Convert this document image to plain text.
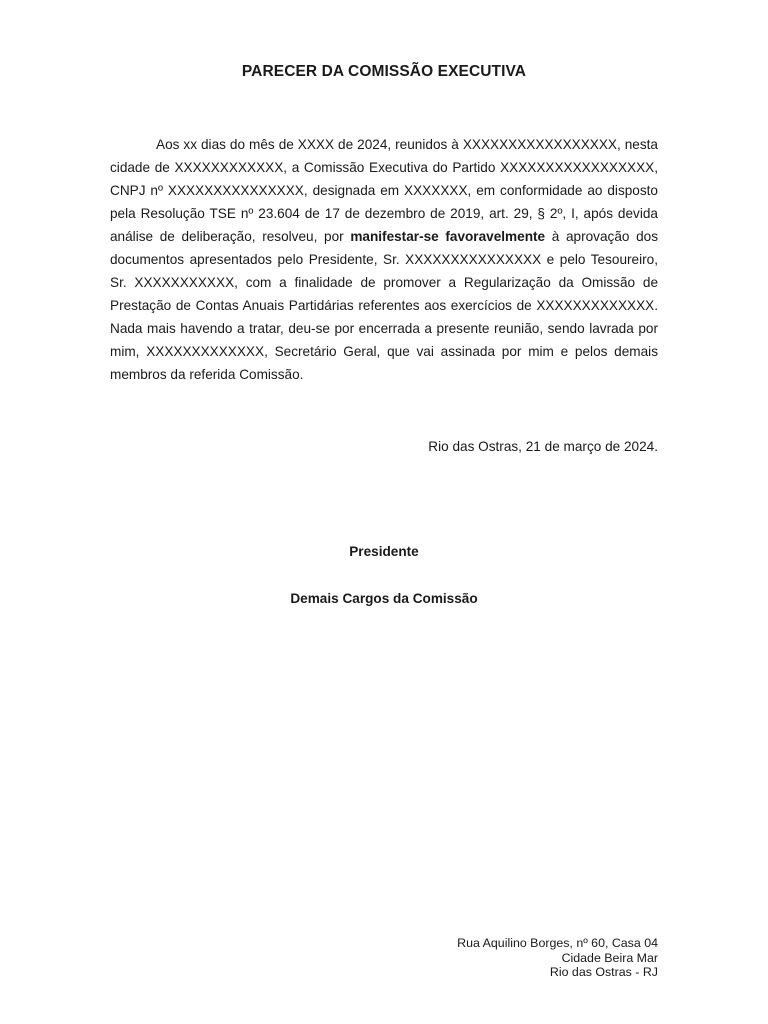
PARECER DA COMISSÃO EXECUTIVA

Aos xx dias do mês de XXXX de 2024, reunidos à XXXXXXXXXXXXXXXXX, nesta cidade de XXXXXXXXXXXX, a Comissão Executiva do Partido XXXXXXXXXXXXXXXXX, CNPJ nº XXXXXXXXXXXXXXX, designada em XXXXXXX, em conformidade ao disposto pela Resolução TSE nº 23.604 de 17 de dezembro de 2019, art. 29, § 2º, I, após devida análise de deliberação, resolveu, por manifestar-se favoravelmente à aprovação dos documentos apresentados pelo Presidente, Sr. XXXXXXXXXXXXXXX e pelo Tesoureiro, Sr. XXXXXXXXXXX, com a finalidade de promover a Regularização da Omissão de Prestação de Contas Anuais Partidárias referentes aos exercícios de XXXXXXXXXXXXX. Nada mais havendo a tratar, deu-se por encerrada a presente reunião, sendo lavrada por mim, XXXXXXXXXXXXX, Secretário Geral, que vai assinada por mim e pelos demais membros da referida Comissão.

Rio das Ostras, 21 de março de 2024.
Presidente
Demais Cargos da Comissão
Rua Aquilino Borges, nº 60, Casa 04
Cidade Beira Mar
Rio das Ostras - RJ
